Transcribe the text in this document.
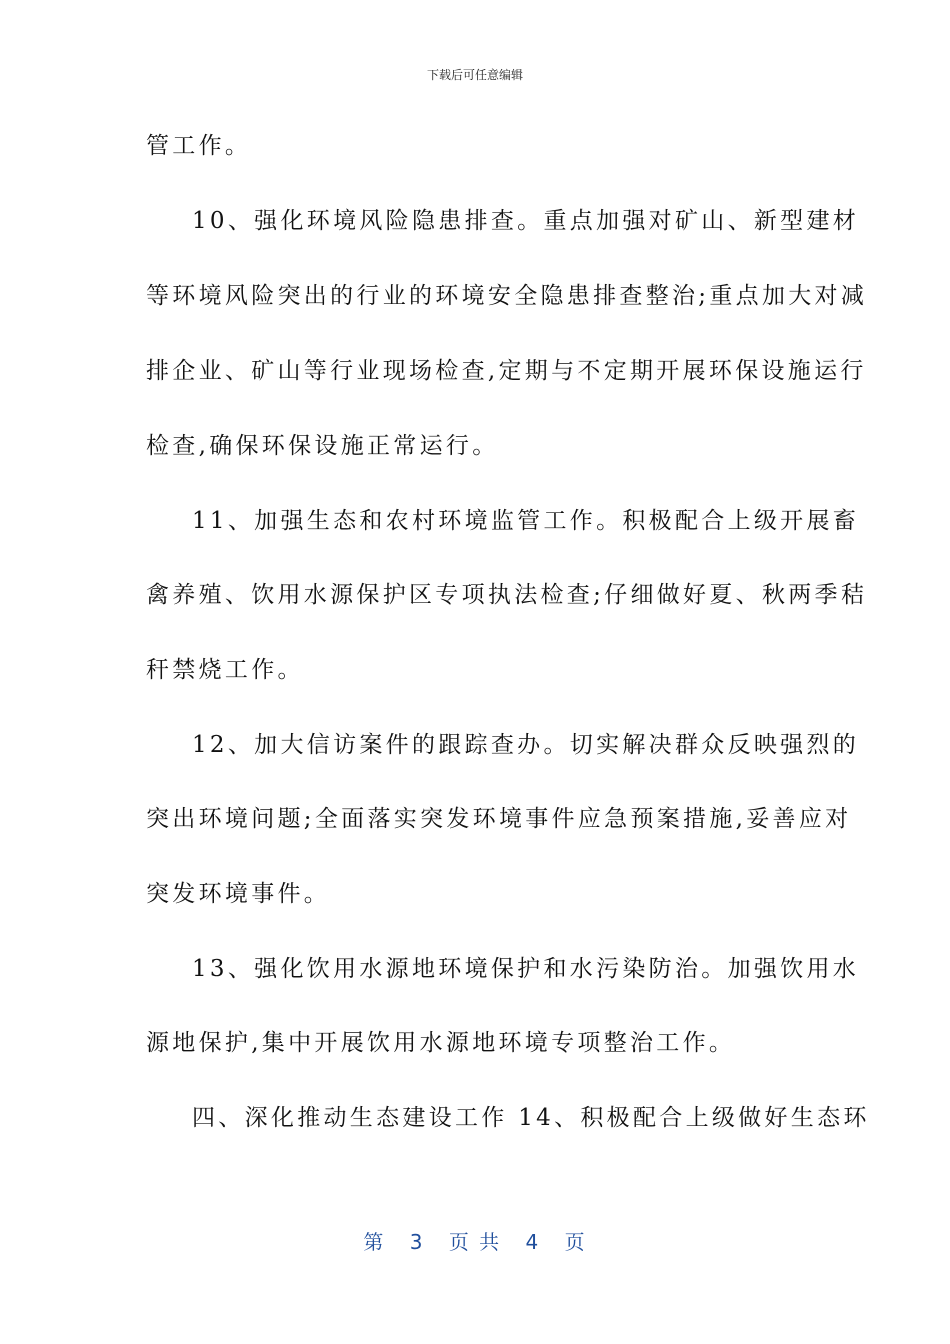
下载后可任意编辑
管工作。
10、强化环境风险隐患排查。重点加强对矿山、新型建材
等环境风险突出的行业的环境安全隐患排查整治;重点加大对减
排企业、矿山等行业现场检查,定期与不定期开展环保设施运行
检查,确保环保设施正常运行。
11、加强生态和农村环境监管工作。积极配合上级开展畜
禽养殖、饮用水源保护区专项执法检查;仔细做好夏、秋两季秸
秆禁烧工作。
12、加大信访案件的跟踪查办。切实解决群众反映强烈的
突出环境问题;全面落实突发环境事件应急预案措施,妥善应对
突发环境事件。
13、强化饮用水源地环境保护和水污染防治。加强饮用水
源地保护,集中开展饮用水源地环境专项整治工作。
四、深化推动生态建设工作 14、积极配合上级做好生态环
第 3 页 共 4 页
